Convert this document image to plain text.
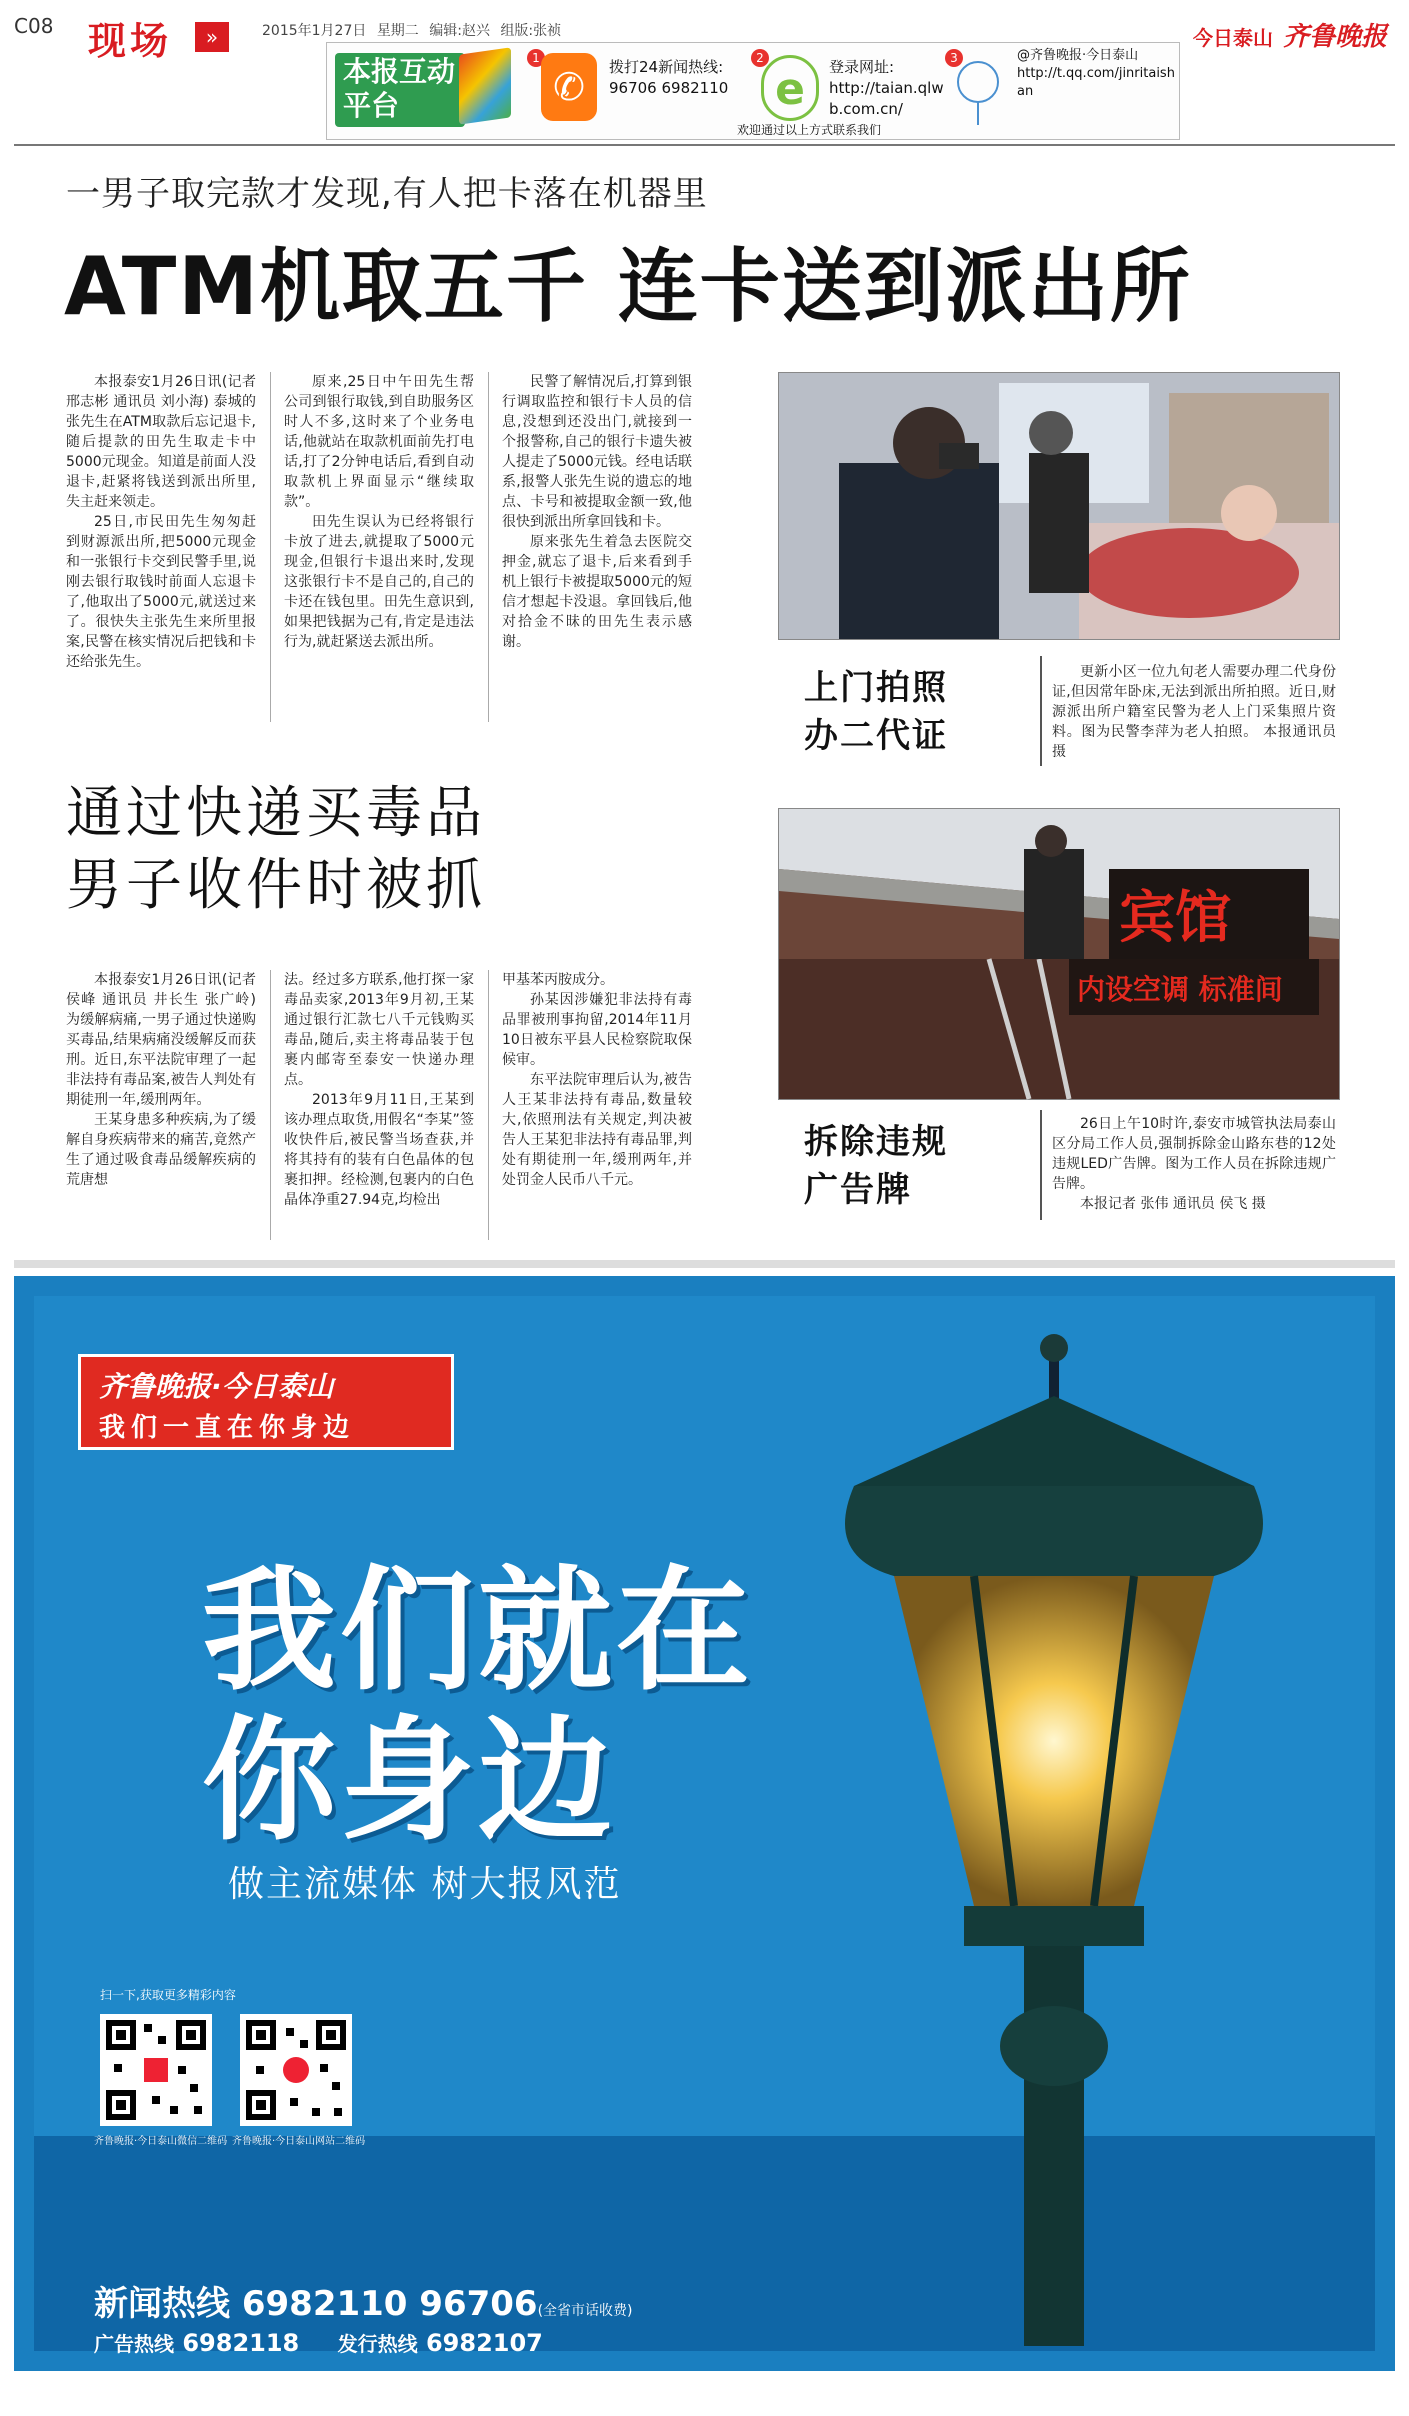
C08 现场	»	2015年1月27日 星期二 编辑:赵兴 组版:张祯	今日泰山 齐鲁晚报
本报互动平台
1
✆	拨打24新闻热线:
96706 6982110
2
e	登录网址:
http://taian.qlwb.com.cn/
3	@齐鲁晚报·今日泰山
http://t.qq.com/jinritaishan
欢迎通过以上方式联系我们
一男子取完款才发现,有人把卡落在机器里
ATM机取五千 连卡送到派出所

本报泰安1月26日讯(记者 邢志彬 通讯员 刘小海) 泰城的张先生在ATM取款后忘记退卡,随后提款的田先生取走卡中5000元现金。知道是前面人没退卡,赶紧将钱送到派出所里,失主赶来领走。

25日,市民田先生匆匆赶到财源派出所,把5000元现金和一张银行卡交到民警手里,说刚去银行取钱时前面人忘退卡了,他取出了5000元,就送过来了。很快失主张先生来所里报案,民警在核实情况后把钱和卡还给张先生。

原来,25日中午田先生帮公司到银行取钱,到自助服务区时人不多,这时来了个业务电话,他就站在取款机面前先打电话,打了2分钟电话后,看到自动取款机上界面显示“继续取款”。

田先生误认为已经将银行卡放了进去,就提取了5000元现金,但银行卡退出来时,发现这张银行卡不是自己的,自己的卡还在钱包里。田先生意识到,如果把钱据为己有,肯定是违法行为,就赶紧送去派出所。

民警了解情况后,打算到银行调取监控和银行卡人员的信息,没想到还没出门,就接到一个报警称,自己的银行卡遗失被人提走了5000元钱。经电话联系,报警人张先生说的遗忘的地点、卡号和被提取金额一致,他很快到派出所拿回钱和卡。

原来张先生着急去医院交押金,就忘了退卡,后来看到手机上银行卡被提取5000元的短信才想起卡没退。拿回钱后,他对拾金不昧的田先生表示感谢。

上门拍照
办二代证

更新小区一位九旬老人需要办理二代身份证,但因常年卧床,无法到派出所拍照。近日,财源派出所户籍室民警为老人上门采集照片资料。图为民警李萍为老人拍照。 本报通讯员 摄

通过快递买毒品
男子收件时被抓

本报泰安1月26日讯(记者 侯峰 通讯员 井长生 张广岭) 为缓解病痛,一男子通过快递购买毒品,结果病痛没缓解反而获刑。近日,东平法院审理了一起非法持有毒品案,被告人判处有期徒刑一年,缓刑两年。

王某身患多种疾病,为了缓解自身疾病带来的痛苦,竟然产生了通过吸食毒品缓解疾病的荒唐想

法。经过多方联系,他打探一家毒品卖家,2013年9月初,王某通过银行汇款七八千元钱购买毒品,随后,卖主将毒品装于包裹内邮寄至泰安一快递办理点。

2013年9月11日,王某到该办理点取货,用假名“李某”签收快件后,被民警当场查获,并将其持有的装有白色晶体的包裹扣押。经检测,包裹内的白色晶体净重27.94克,均检出

甲基苯丙胺成分。

孙某因涉嫌犯非法持有毒品罪被刑事拘留,2014年11月10日被东平县人民检察院取保候审。

东平法院审理后认为,被告人王某非法持有毒品,数量较大,依照刑法有关规定,判决被告人王某犯非法持有毒品罪,判处有期徒刑一年,缓刑两年,并处罚金人民币八千元。

宾馆
内设空调 标准间
拆除违规
广告牌

26日上午10时许,泰安市城管执法局泰山区分局工作人员,强制拆除金山路东巷的12处违规LED广告牌。图为工作人员在拆除违规广告牌。

本报记者 张伟 通讯员 侯飞 摄

齐鲁晚报·今日泰山
我们一直在你身边
我们就在
你身边
做主流媒体 树大报风范
扫一下,获取更多精彩内容
齐鲁晚报·今日泰山微信二维码 齐鲁晚报·今日泰山网站二维码
新闻热线 6982110 96706(全省市话收费)
广告热线 6982118 发行热线 6982107
分类部 0538-5887601 5887602 新泰专题部 18653881036 7775110 肥城专题部 18653881077 3278977
设计部 0538-6982105 邮箱:ding6666qlwb@163.com
